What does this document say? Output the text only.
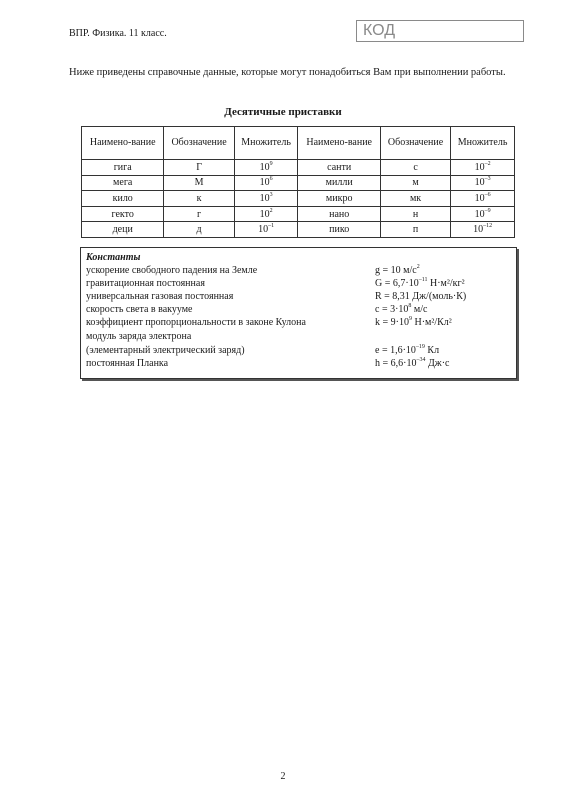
ВПР. Физика. 11 класс.	КОД
Ниже приведены справочные данные, которые могут понадобиться Вам при выполнении работы.
Десятичные приставки
Наимено-вание	Обозначение	Множитель	Наимено-вание	Обозначение	Множитель
гига	Г	$10^9$	санти	с	$10^{-2}$
мега	М	$10^6$	милли	м	$10^{-3}$
кило	к	$10^3$	микро	мк	$10^{-6}$
гекто	г	$10^2$	нано	н	$10^{-9}$
деци	д	$10^{-1}$	пико	п	$10^{-12}$
Константы
ускорение свободного падения на Земле	g = 10 $м/с^2$
гравитационная постоянная	$G = 6,7\cdot 10^{-11}$ Н·м²/кг²
универсальная газовая постоянная	R = 8,31 Дж/(моль·К)
скорость света в вакууме	$с = 3\cdot 10^8$ м/с
коэффициент пропорциональности в законе Кулона	$k = 9\cdot 10^9$ Н·м²/Кл²
модуль заряда электрона
(элементарный электрический заряд)	$e = 1,6\cdot 10^{-19}$ Кл
постоянная Планка	$h = 6,6\cdot 10^{-34}$ Дж·с
2
